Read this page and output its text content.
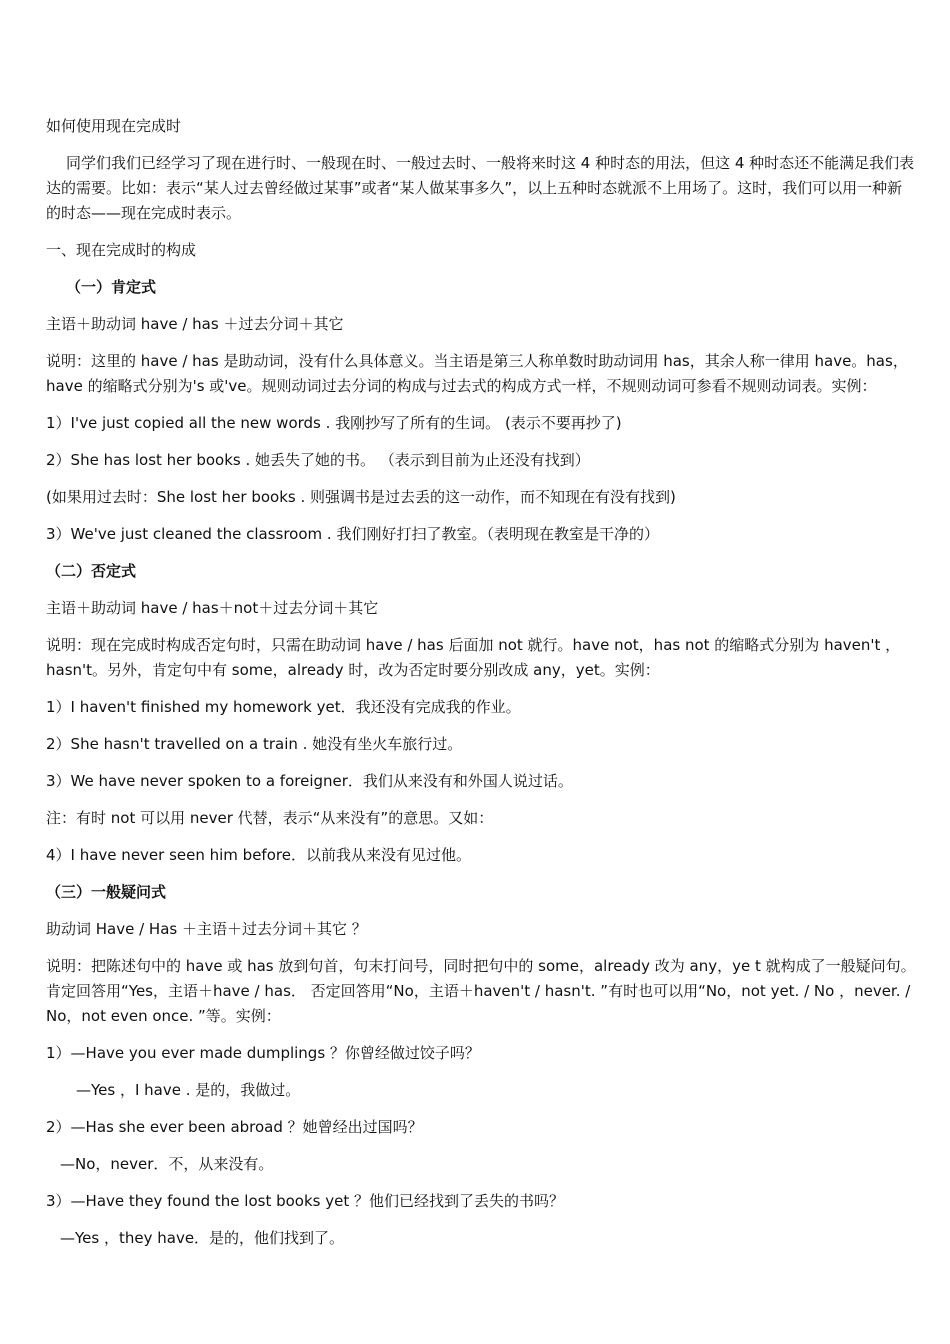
如何使用现在完成时

同学们我们已经学习了现在进行时、一般现在时、一般过去时、一般将来时这 4 种时态的用法，但这 4 种时态还不能满足我们表达的需要。比如：表示“某人过去曾经做过某事”或者“某人做某事多久”，以上五种时态就派不上用场了。这时，我们可以用一种新的时态——现在完成时表示。

一、现在完成时的构成

（一）肯定式

主语＋助动词 have / has ＋过去分词＋其它

说明：这里的 have / has 是助动词，没有什么具体意义。当主语是第三人称单数时助动词用 has，其余人称一律用 have。has，have 的缩略式分别为's 或've。规则动词过去分词的构成与过去式的构成方式一样，不规则动词可参看不规则动词表。实例：

1）I've just copied all the new words . 我刚抄写了所有的生词。 (表示不要再抄了)

2）She has lost her books . 她丢失了她的书。 （表示到目前为止还没有找到）

(如果用过去时：She lost her books . 则强调书是过去丢的这一动作，而不知现在有没有找到)

3）We've just cleaned the classroom . 我们刚好打扫了教室。（表明现在教室是干净的）

（二）否定式

主语＋助动词 have / has＋not＋过去分词＋其它

说明：现在完成时构成否定句时，只需在助动词 have / has 后面加 not 就行。have not，has not 的缩略式分别为 haven't ，hasn't。另外，肯定句中有 some，already 时，改为否定时要分别改成 any，yet。实例：

1）I haven't finished my homework yet．我还没有完成我的作业。

2）She hasn't travelled on a train . 她没有坐火车旅行过。

3）We have never spoken to a foreigner．我们从来没有和外国人说过话。

注：有时 not 可以用 never 代替，表示“从来没有”的意思。又如：

4）I have never seen him before．以前我从来没有见过他。

（三）一般疑问式

助动词 Have / Has ＋主语＋过去分词＋其它 ？

说明：把陈述句中的 have 或 has 放到句首，句末打问号，同时把句中的 some，already 改为 any，ye t 就构成了一般疑问句。肯定回答用“Yes，主语＋have / has． 否定回答用“No，主语＋haven't / hasn't. ”有时也可以用“No，not yet. / No ，never. / No，not even once. ”等。实例：

1）—Have you ever made dumplings ？你曾经做过饺子吗？

—Yes ，I have . 是的，我做过。

2）—Has she ever been abroad ？她曾经出过国吗？

—No，never．不，从来没有。

3）—Have they found the lost books yet ？他们已经找到了丢失的书吗？

—Yes ，they have．是的，他们找到了。
